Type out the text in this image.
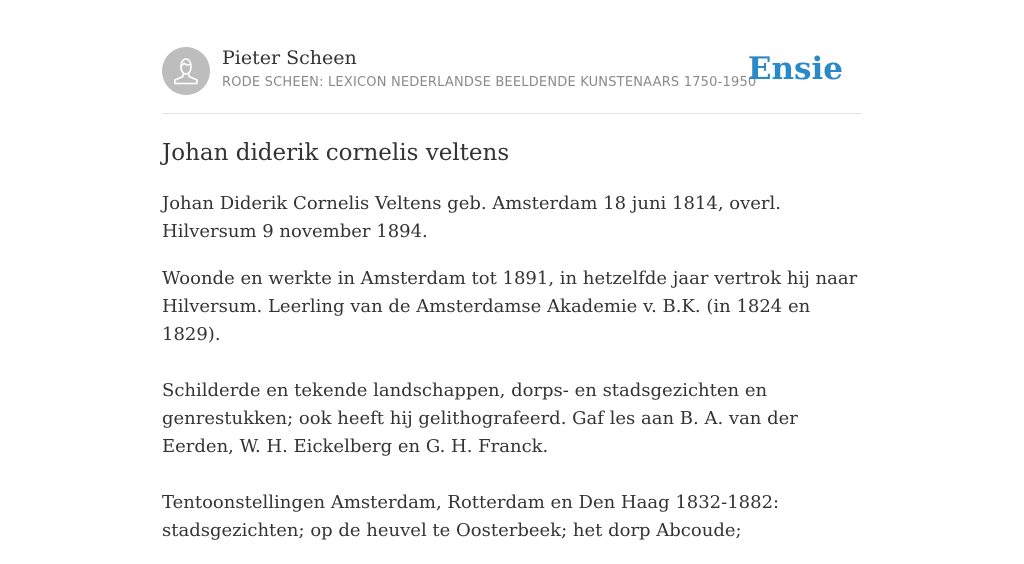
Pieter Scheen
RODE SCHEEN: LEXICON NEDERLANDSE BEELDENDE KUNSTENAARS 1750-1950
Ensie
Johan diderik cornelis veltens

Johan Diderik Cornelis Veltens geb. Amsterdam 18 juni 1814, overl. Hilversum 9 november 1894.

Woonde en werkte in Amsterdam tot 1891, in hetzelfde jaar vertrok hij naar Hilversum. Leerling van de Amsterdamse Akademie v. B.K. (in 1824 en 1829).

Schilderde en tekende landschappen, dorps- en stadsgezichten en genrestukken; ook heeft hij gelithografeerd. Gaf les aan B. A. van der Eerden, W. H. Eickelberg en G. H. Franck.

Tentoonstellingen Amsterdam, Rotterdam en Den Haag 1832-1882: stadsgezichten; op de heuvel te Oosterbeek; het dorp Abcoude;
